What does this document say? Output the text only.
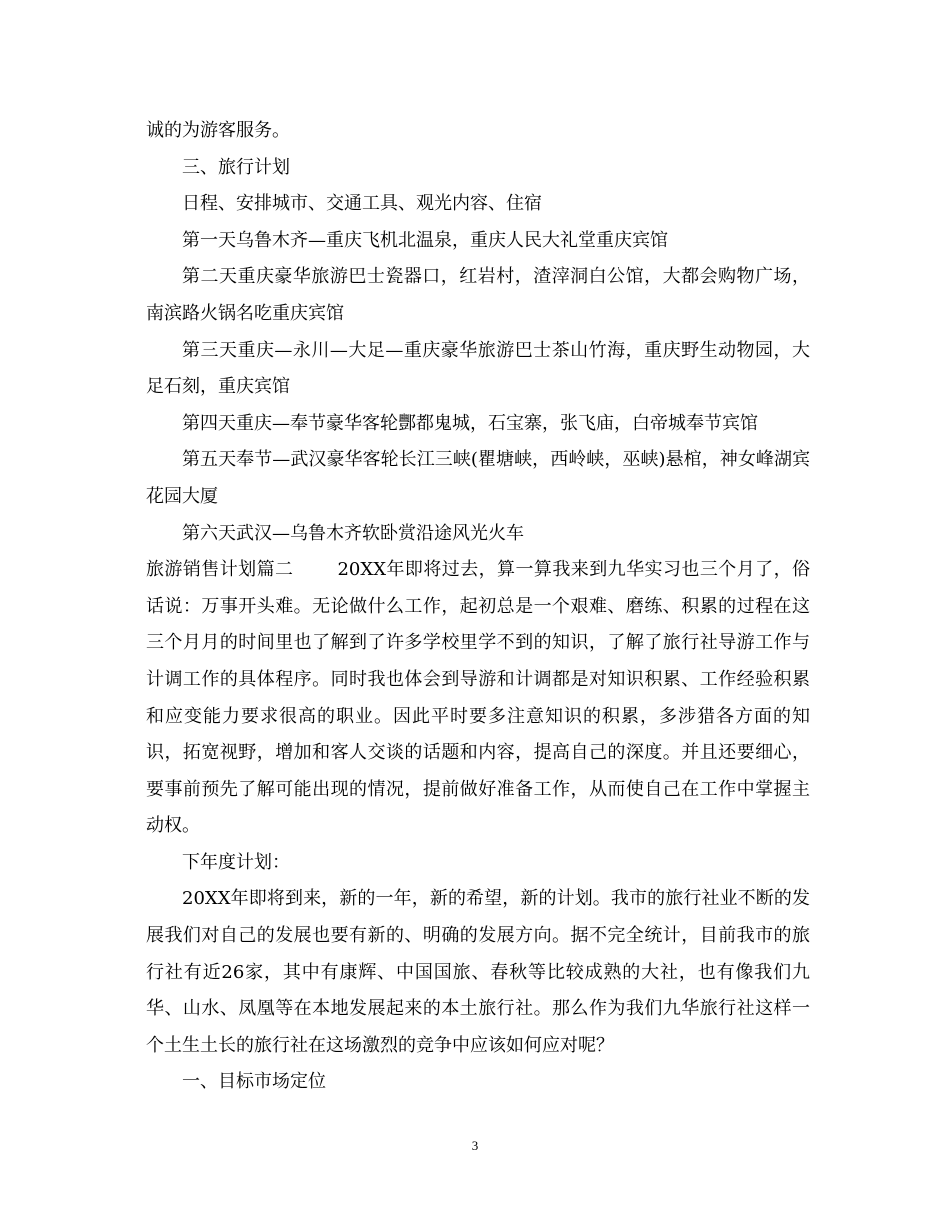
诚的为游客服务。

三、旅行计划

日程、安排城市、交通工具、观光内容、住宿

第一天乌鲁木齐—重庆飞机北温泉，重庆人民大礼堂重庆宾馆

第二天重庆豪华旅游巴士瓷器口，红岩村，渣滓洞白公馆，大都会购物广场，南滨路火锅名吃重庆宾馆

第三天重庆—永川—大足—重庆豪华旅游巴士茶山竹海，重庆野生动物园，大足石刻，重庆宾馆

第四天重庆—奉节豪华客轮酆都鬼城，石宝寨，张飞庙，白帝城奉节宾馆

第五天奉节—武汉豪华客轮长江三峡(瞿塘峡，西岭峡，巫峡)悬棺，神女峰湖宾花园大厦

第六天武汉—乌鲁木齐软卧赏沿途风光火车

旅游销售计划篇二 20XX年即将过去，算一算我来到九华实习也三个月了，俗话说：万事开头难。无论做什么工作，起初总是一个艰难、磨练、积累的过程在这三个月月的时间里也了解到了许多学校里学不到的知识，了解了旅行社导游工作与计调工作的具体程序。同时我也体会到导游和计调都是对知识积累、工作经验积累和应变能力要求很高的职业。因此平时要多注意知识的积累，多涉猎各方面的知识，拓宽视野，增加和客人交谈的话题和内容，提高自己的深度。并且还要细心，要事前预先了解可能出现的情况，提前做好准备工作，从而使自己在工作中掌握主动权。

下年度计划：

20XX年即将到来，新的一年，新的希望，新的计划。我市的旅行社业不断的发展我们对自己的发展也要有新的、明确的发展方向。据不完全统计，目前我市的旅行社有近26家，其中有康辉、中国国旅、春秋等比较成熟的大社，也有像我们九华、山水、凤凰等在本地发展起来的本土旅行社。那么作为我们九华旅行社这样一个土生土长的旅行社在这场激烈的竞争中应该如何应对呢？

一、目标市场定位

3
